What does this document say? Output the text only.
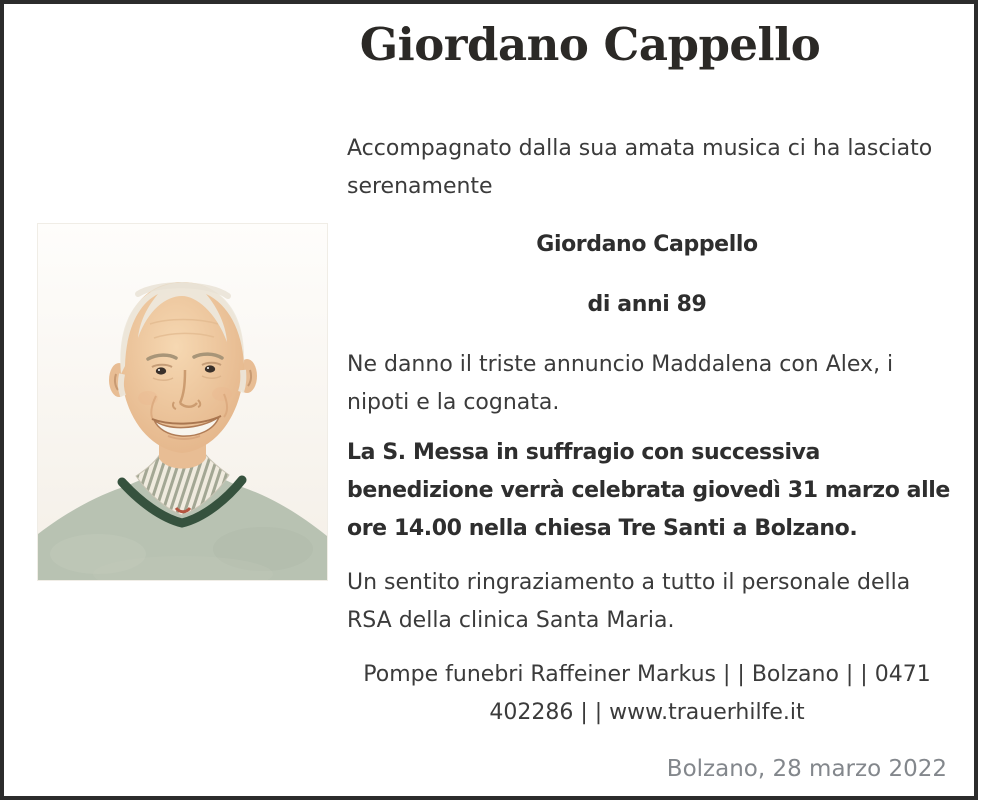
Giordano Cappello

Accompagnato dalla sua amata musica ci ha lasciato
serenamente

Giordano Cappello

di anni 89

Ne danno il triste annuncio Maddalena con Alex, i
nipoti e la cognata.

La S. Messa in suffragio con successiva
benedizione verrà celebrata giovedì 31 marzo alle
ore 14.00 nella chiesa Tre Santi a Bolzano.

Un sentito ringraziamento a tutto il personale della
RSA della clinica Santa Maria.

Pompe funebri Raffeiner Markus | | Bolzano | | 0471
402286 | | www.trauerhilfe.it

Bolzano, 28 marzo 2022
